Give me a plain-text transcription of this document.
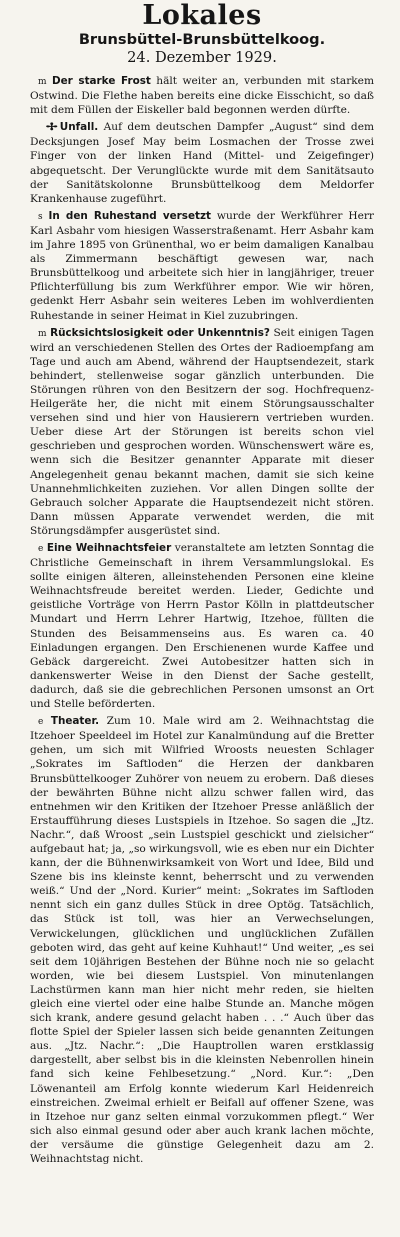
Lokales

Brunsbüttel-Brunsbüttelkoog.

24. Dezember 1929.

m Der starke Frost hält weiter an, verbunden mit starkem Ostwind. Die Flethe haben bereits eine dicke Eisschicht, so daß mit dem Füllen der Eiskeller bald begonnen werden dürfte.

✢ Unfall. Auf dem deutschen Dampfer „August“ sind dem Decksjungen Josef May beim Losmachen der Trosse zwei Finger von der linken Hand (Mittel- und Zeigefinger) abgequetscht. Der Verunglückte wurde mit dem Sanitätsauto der Sanitätskolonne Brunsbüttelkoog dem Meldorfer Krankenhause zugeführt.

s In den Ruhestand versetzt wurde der Werkführer Herr Karl Asbahr vom hiesigen Wasserstraßenamt. Herr Asbahr kam im Jahre 1895 von Grünenthal, wo er beim damaligen Kanalbau als Zimmermann beschäftigt gewesen war, nach Brunsbüttelkoog und arbeitete sich hier in langjähriger, treuer Pflichterfüllung bis zum Werkführer empor. Wie wir hören, gedenkt Herr Asbahr sein weiteres Leben im wohlverdienten Ruhestande in seiner Heimat in Kiel zuzubringen.

m Rücksichtslosigkeit oder Unkenntnis? Seit einigen Tagen wird an verschiedenen Stellen des Ortes der Radioempfang am Tage und auch am Abend, während der Hauptsendezeit, stark behindert, stellenweise sogar gänzlich unterbunden. Die Störungen rühren von den Besitzern der sog. Hochfrequenz-Heilgeräte her, die nicht mit einem Störungsausschalter versehen sind und hier von Hausierern vertrieben wurden. Ueber diese Art der Störungen ist bereits schon viel geschrieben und gesprochen worden. Wünschenswert wäre es, wenn sich die Besitzer genannter Apparate mit dieser Angelegenheit genau bekannt machen, damit sie sich keine Unannehmlichkeiten zuziehen. Vor allen Dingen sollte der Gebrauch solcher Apparate die Hauptsendezeit nicht stören. Dann müssen Apparate verwendet werden, die mit Störungsdämpfer ausgerüstet sind.

e Eine Weihnachtsfeier veranstaltete am letzten Sonntag die Christliche Gemeinschaft in ihrem Versammlungslokal. Es sollte einigen älteren, alleinstehenden Personen eine kleine Weihnachtsfreude bereitet werden. Lieder, Gedichte und geistliche Vorträge von Herrn Pastor Kölln in plattdeutscher Mundart und Herrn Lehrer Hartwig, Itzehoe, füllten die Stunden des Beisammenseins aus. Es waren ca. 40 Einladungen ergangen. Den Erschienenen wurde Kaffee und Gebäck dargereicht. Zwei Autobesitzer hatten sich in dankenswerter Weise in den Dienst der Sache gestellt, dadurch, daß sie die gebrechlichen Personen umsonst an Ort und Stelle beförderten.

e Theater. Zum 10. Male wird am 2. Weihnachtstag die Itzehoer Speeldeel im Hotel zur Kanalmündung auf die Bretter gehen, um sich mit Wilfried Wroosts neuesten Schlager „Sokrates im Saftloden“ die Herzen der dankbaren Brunsbüttelkooger Zuhörer von neuem zu erobern. Daß dieses der bewährten Bühne nicht allzu schwer fallen wird, das entnehmen wir den Kritiken der Itzehoer Presse anläßlich der Erstaufführung dieses Lustspiels in Itzehoe. So sagen die „Jtz. Nachr.“, daß Wroost „sein Lustspiel geschickt und zielsicher“ aufgebaut hat; ja, „so wirkungsvoll, wie es eben nur ein Dichter kann, der die Bühnenwirksamkeit von Wort und Idee, Bild und Szene bis ins kleinste kennt, beherrscht und zu verwenden weiß.“ Und der „Nord. Kurier“ meint: „Sokrates im Saftloden nennt sich ein ganz dulles Stück in dree Optög. Tatsächlich, das Stück ist toll, was hier an Verwechselungen, Verwickelungen, glücklichen und unglücklichen Zufällen geboten wird, das geht auf keine Kuhhaut!“ Und weiter, „es sei seit dem 10jährigen Bestehen der Bühne noch nie so gelacht worden, wie bei diesem Lustspiel. Von minutenlangen Lachstürmen kann man hier nicht mehr reden, sie hielten gleich eine viertel oder eine halbe Stunde an. Manche mögen sich krank, andere gesund gelacht haben . . .“ Auch über das flotte Spiel der Spieler lassen sich beide genannten Zeitungen aus. „Jtz. Nachr.“: „Die Hauptrollen waren erstklassig dargestellt, aber selbst bis in die kleinsten Nebenrollen hinein fand sich keine Fehlbesetzung.“ „Nord. Kur.“: „Den Löwenanteil am Erfolg konnte wiederum Karl Heidenreich einstreichen. Zweimal erhielt er Beifall auf offener Szene, was in Itzehoe nur ganz selten einmal vorzukommen pflegt.“ Wer sich also einmal gesund oder aber auch krank lachen möchte, der versäume die günstige Gelegenheit dazu am 2. Weihnachtstag nicht.
